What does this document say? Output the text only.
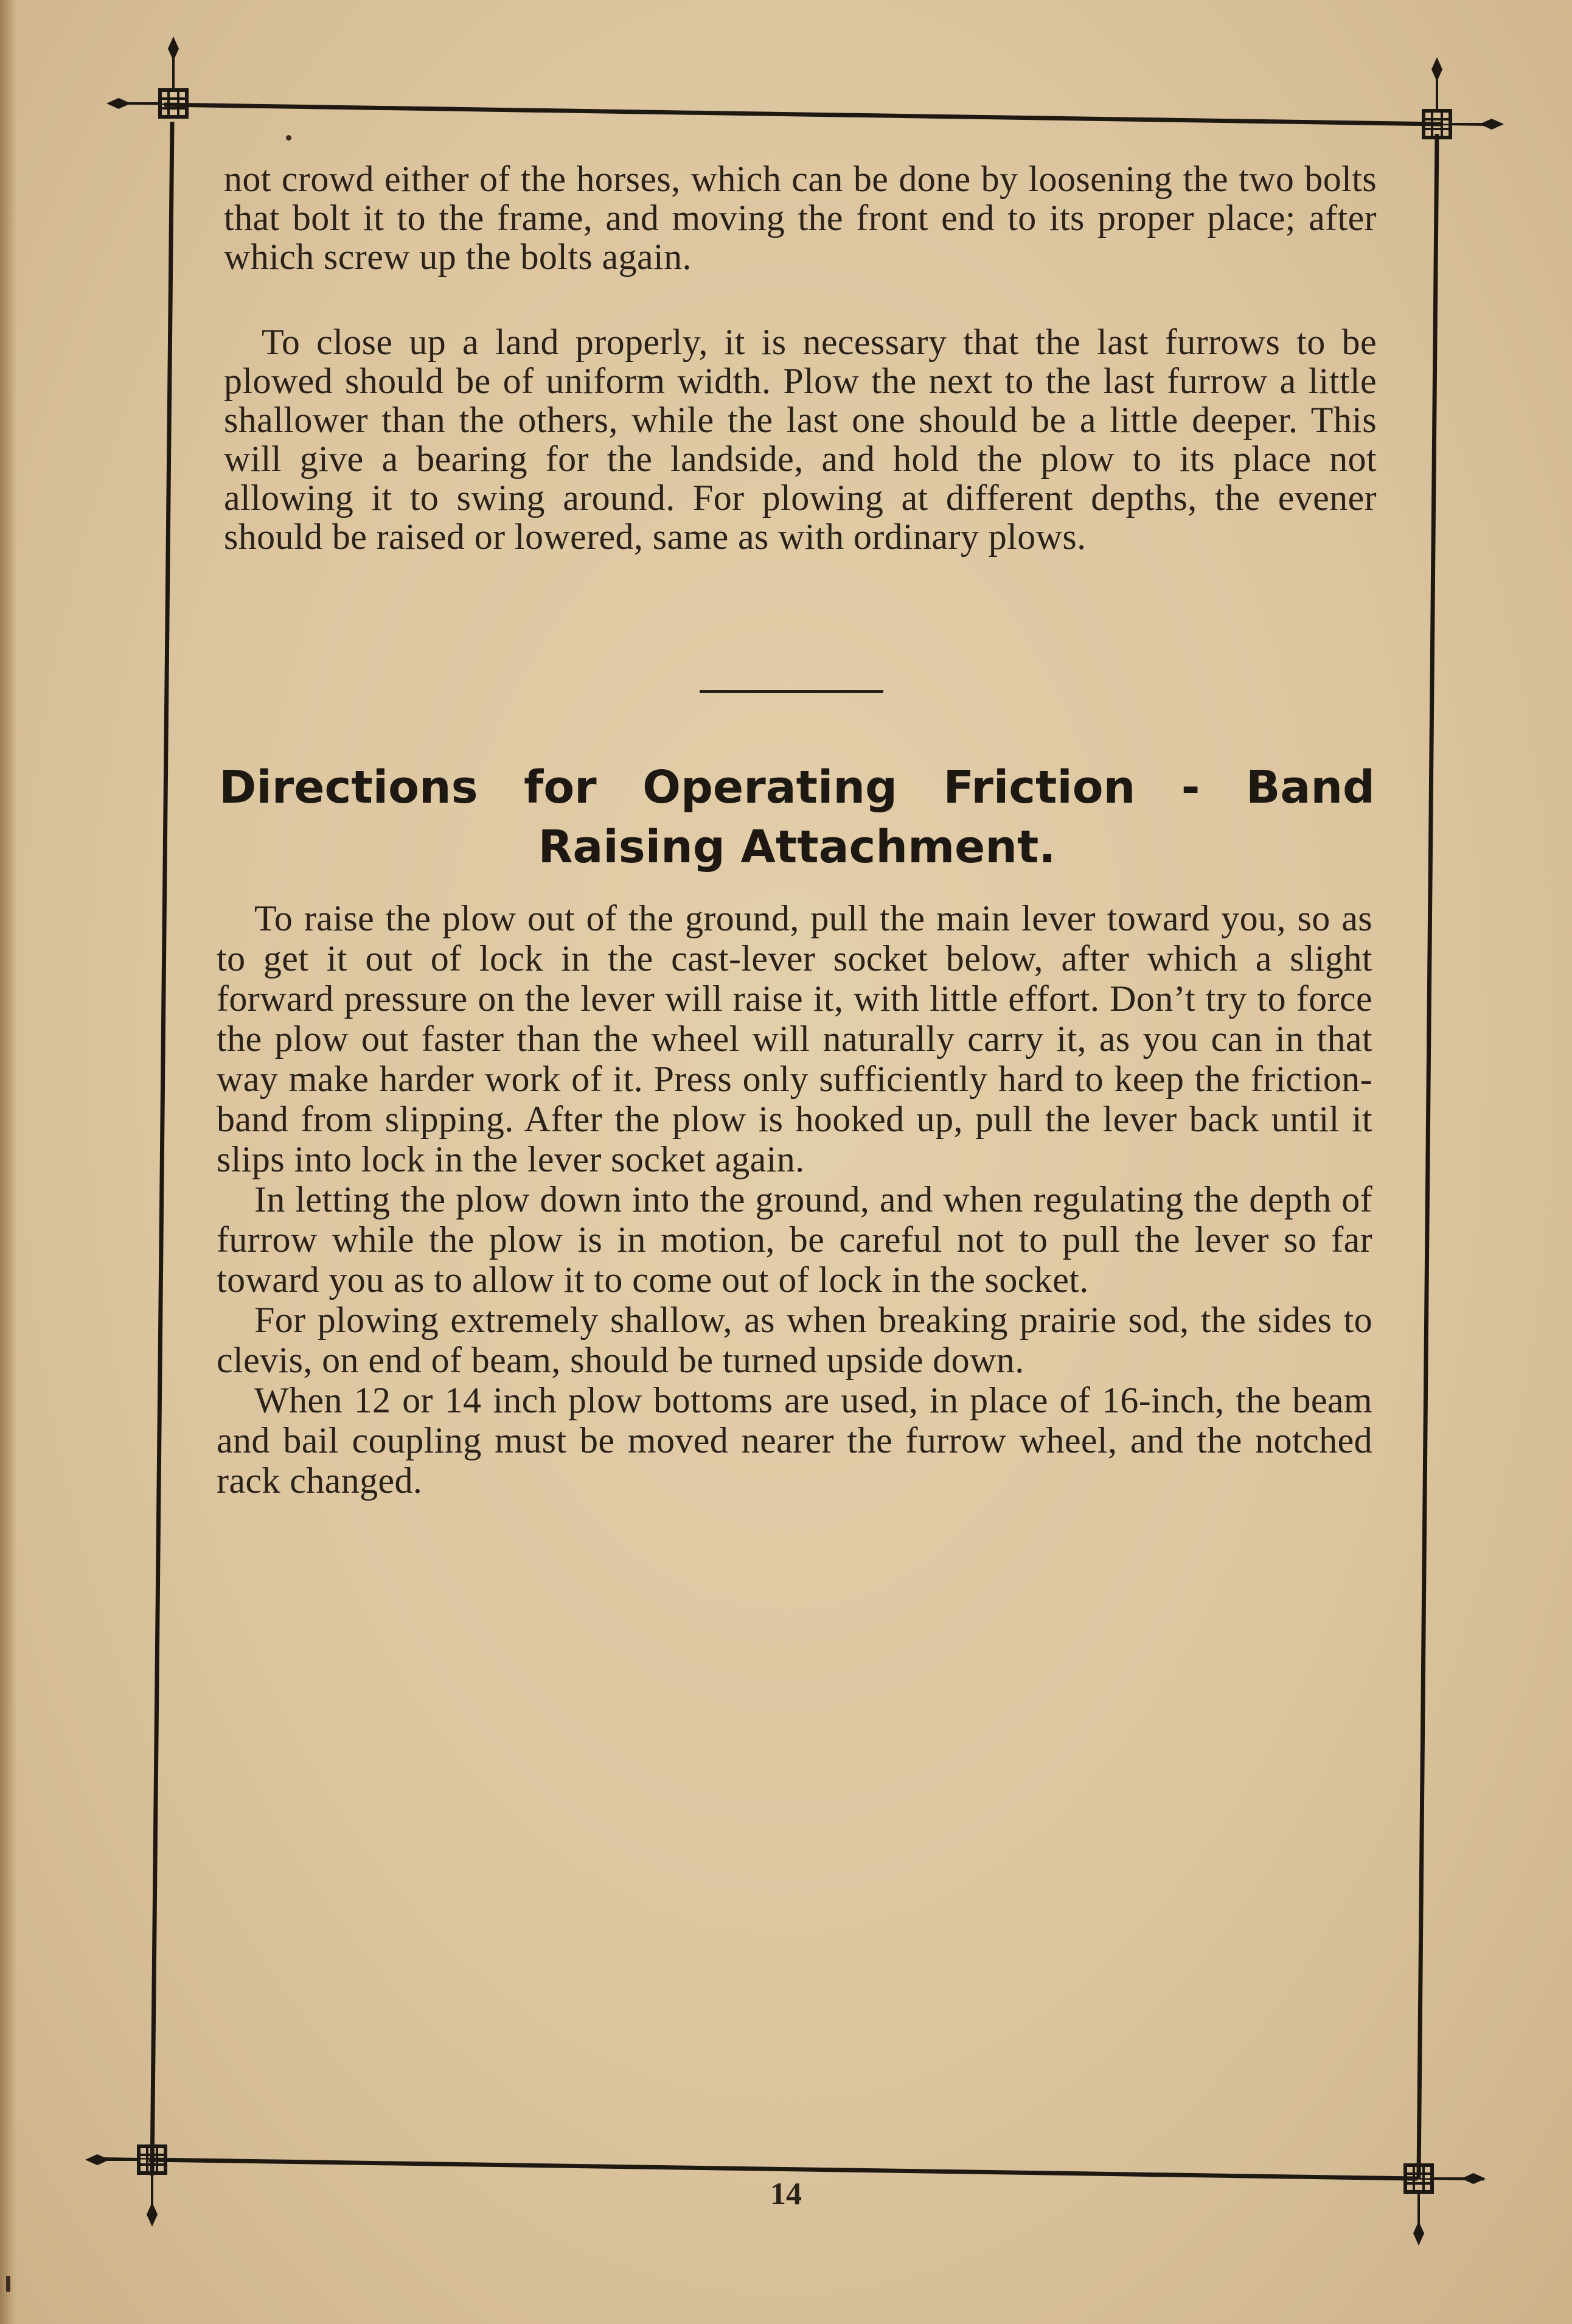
not crowd either of the horses, which can be done by loosening the two bolts that bolt it to the frame, and moving the front end to its proper place; after which screw up the bolts again.

To close up a land properly, it is necessary that the last furrows to be plowed should be of uniform width. Plow the next to the last furrow a little shallower than the others, while the last one should be a little deeper. This will give a bearing for the landside, and hold the plow to its place not allowing it to swing around. For plowing at different depths, the evener should be raised or lowered, same as with ordinary plows.

Directions for Operating Friction - Band
Raising Attachment.

To raise the plow out of the ground, pull the main lever toward you, so as to get it out of lock in the cast-lever socket below, after which a slight forward pressure on the lever will raise it, with little effort. Don’t try to force the plow out faster than the wheel will naturally carry it, as you can in that way make harder work of it. Press only sufficiently hard to keep the friction-band from slipping. After the plow is hooked up, pull the lever back until it slips into lock in the lever socket again.

In letting the plow down into the ground, and when regulating the depth of furrow while the plow is in motion, be careful not to pull the lever so far toward you as to allow it to come out of lock in the socket.

For plowing extremely shallow, as when breaking prairie sod, the sides to clevis, on end of beam, should be turned upside down.

When 12 or 14 inch plow bottoms are used, in place of 16-inch, the beam and bail coupling must be moved nearer the furrow wheel, and the notched rack changed.

14
